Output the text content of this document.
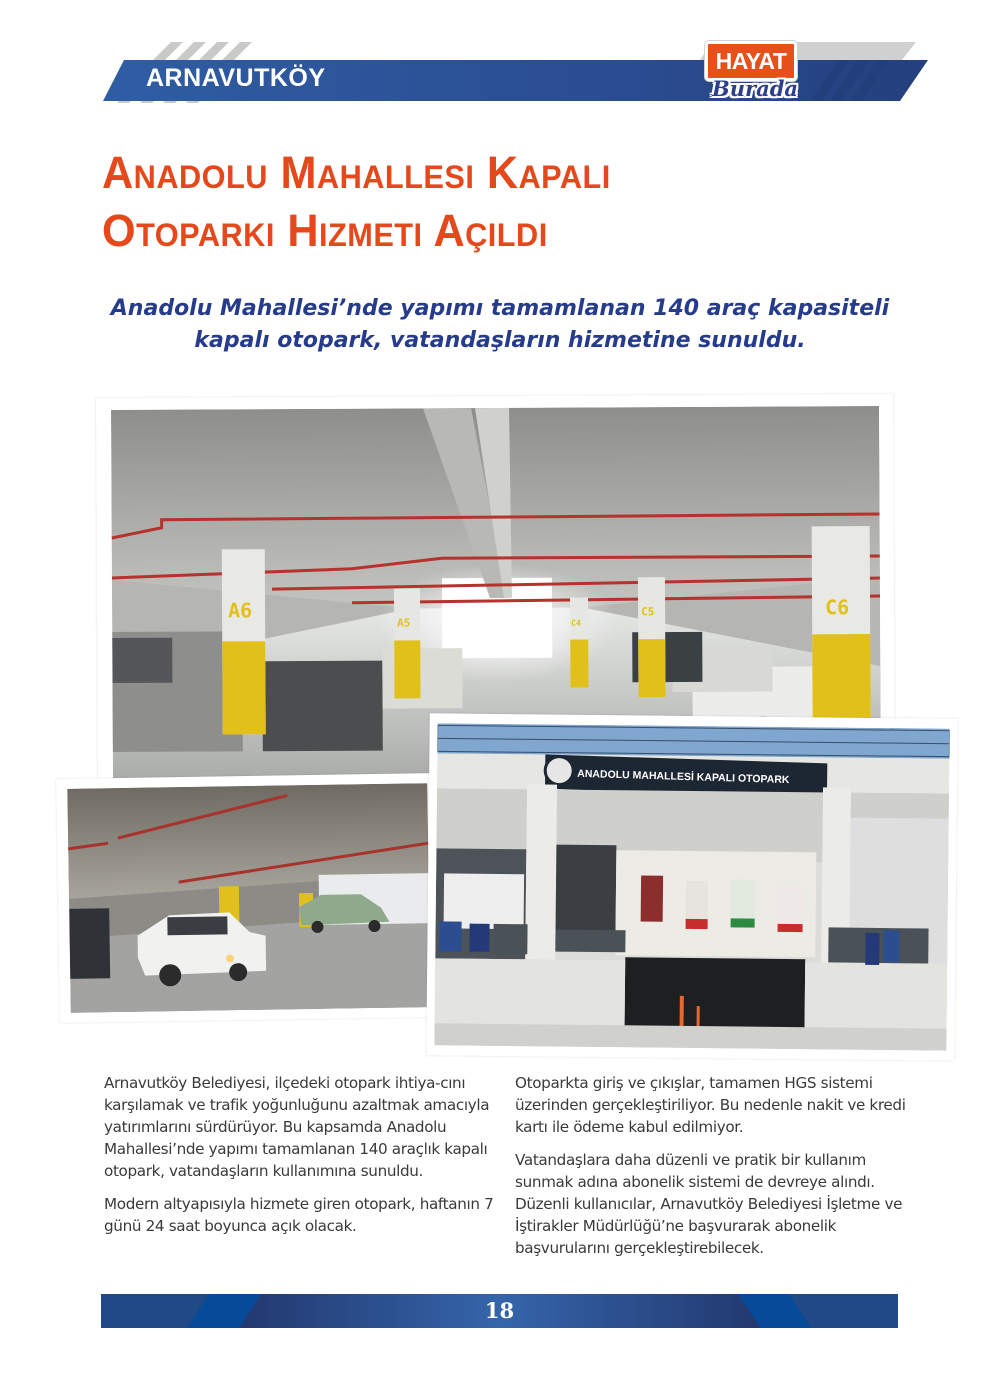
ARNAVUTKÖY
HAYAT
Burada
Anadolu Mahallesi Kapalı
Otoparkı Hizmeti Açıldı
Anadolu Mahallesi’nde yapımı tamamlanan 140 araç kapasiteli
kapalı otopark, vatandaşların hizmetine sunuldu.
A6
A5
C5	C6
C4
ANADOLU MAHALLESİ KAPALI OTOPARK

Arnavutköy Belediyesi, ilçedeki otopark ihtiya-cını karşılamak ve trafik yoğunluğunu azaltmak amacıyla yatırımlarını sürdürüyor. Bu kapsamda Anadolu Mahallesi’nde yapımı tamamlanan 140 araçlık kapalı otopark, vatandaşların kullanımına sunuldu.

Modern altyapısıyla hizmete giren otopark, haftanın 7 günü 24 saat boyunca açık olacak.

Otoparkta giriş ve çıkışlar, tamamen HGS sistemi üzerinden gerçekleştiriliyor. Bu nedenle nakit ve kredi kartı ile ödeme kabul edilmiyor.

Vatandaşlara daha düzenli ve pratik bir kullanım sunmak adına abonelik sistemi de devreye alındı. Düzenli kullanıcılar, Arnavutköy Belediyesi İşletme ve İştirakler Müdürlüğü’ne başvurarak abonelik başvurularını gerçekleştirebilecek.

18
